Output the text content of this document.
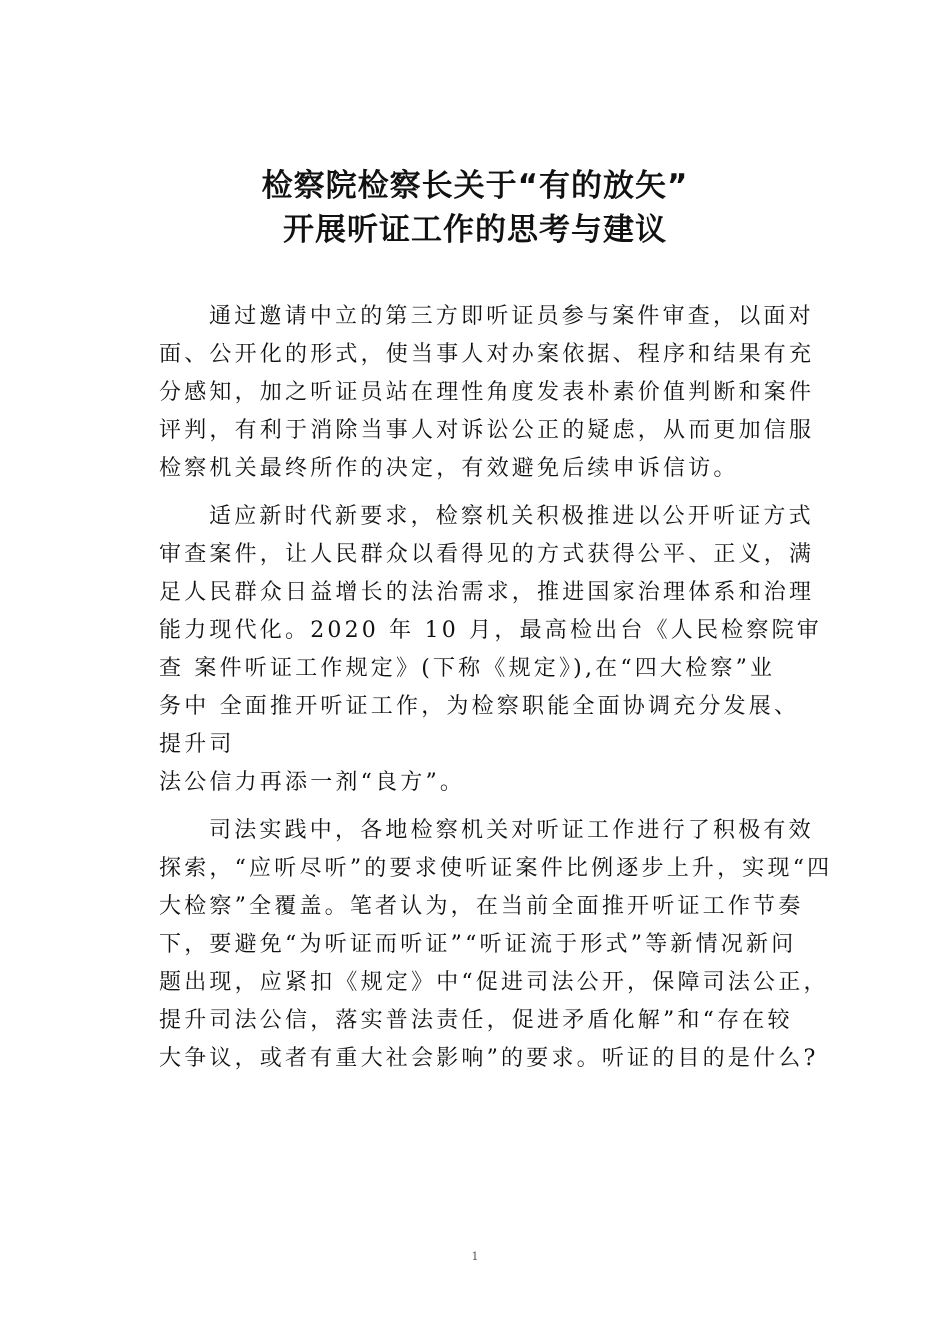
检察院检察长关于“有的放矢”
开展听证工作的思考与建议
通过邀请中立的第三方即听证员参与案件审查，以面对
面、公开化的形式，使当事人对办案依据、程序和结果有充
分感知，加之听证员站在理性角度发表朴素价值判断和案件
评判，有利于消除当事人对诉讼公正的疑虑，从而更加信服
检察机关最终所作的决定，有效避免后续申诉信访。
适应新时代新要求，检察机关积极推进以公开听证方式
审查案件，让人民群众以看得见的方式获得公平、正义，满
足人民群众日益增长的法治需求，推进国家治理体系和治理
能力现代化。2020 年 10 月，最高检出台《人民检察院审
查 案件听证工作规定》(下称《规定》),在“四大检察”业
务中 全面推开听证工作，为检察职能全面协调充分发展、
提升司
法公信力再添一剂“良方”。
司法实践中，各地检察机关对听证工作进行了积极有效
探索，“应听尽听”的要求使听证案件比例逐步上升，实现“四
大检察”全覆盖。笔者认为，在当前全面推开听证工作节奏
下，要避免“为听证而听证”“听证流于形式”等新情况新问
题出现，应紧扣《规定》中“促进司法公开，保障司法公正，
提升司法公信，落实普法责任，促进矛盾化解”和“存在较
大争议，或者有重大社会影响”的要求。听证的目的是什么?
1
